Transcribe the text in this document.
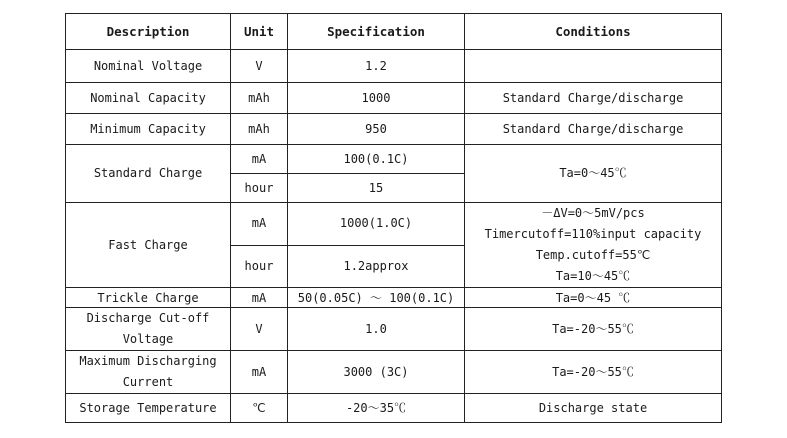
Description	Unit	Specification	Conditions
Nominal Voltage	V	1.2	
Nominal Capacity	mAh	1000	Standard Charge/discharge
Minimum Capacity	mAh	950	Standard Charge/discharge
Standard Charge	mA	100(0.1C)	Ta=0～45℃
	hour	15	
Fast Charge	mA	1000(1.0C)	－ΔV=0～5mV/pcs
Timercutoff=110%input capacity
Temp.cutoff=55℃
Ta=10～45℃

	hour	1.2approx	
Trickle Charge	mA	50(0.05C) ～ 100(0.1C)	Ta=0～45 ℃

Discharge Cut-off
Voltage	V	1.0	Ta=-20～55℃

Maximum Discharging
Current	mA	3000 (3C)	Ta=-20～55℃
Storage Temperature	℃	-20～35℃	Discharge state
